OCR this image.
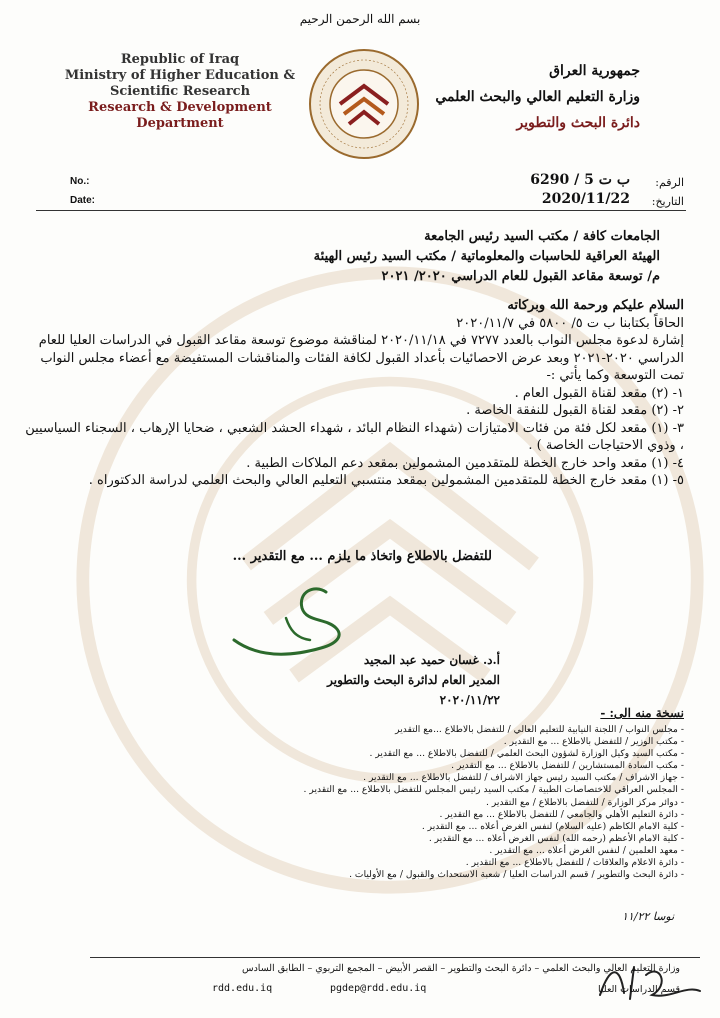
بسم الله الرحمن الرحيم
Republic of Iraq
Ministry of Higher Education &
Scientific Research
Research & Development
Department
جمهورية العراق
وزارة التعليم العالي والبحث العلمي
دائرة البحث والتطوير
No.:
Date:
الرقم:
ب ت 5 / 6290
التاريخ:
2020/11/22
الجامعات كافة / مكتب السيد رئيس الجامعة
الهيئة العراقية للحاسبات والمعلوماتية / مكتب السيد رئيس الهيئة
م/ توسعة مقاعد القبول للعام الدراسي ٢٠٢٠/ ٢٠٢١
السلام عليكم ورحمة الله وبركاته
الحاقاً بكتابنا ب ت ٥/ ٥٨٠٠ في ٢٠٢٠/١١/٧
إشارة لدعوة مجلس النواب بالعدد ٧٢٧٧ في ٢٠٢٠/١١/١٨ لمناقشة موضوع توسعة مقاعد القبول في الدراسات العليا للعام الدراسي ٢٠٢٠-٢٠٢١ وبعد عرض الاحصائيات بأعداد القبول لكافة الفئات والمناقشات المستفيضة مع أعضاء مجلس النواب تمت التوسعة وكما يأتي :-
١- (٢) مقعد لقناة القبول العام .
٢- (٢) مقعد لقناة القبول للنفقة الخاصة .
٣- (١) مقعد لكل فئة من فئات الامتيازات (شهداء النظام البائد ، شهداء الحشد الشعبي ، ضحايا الإرهاب ، السجناء السياسيين ، وذوي الاحتياجات الخاصة ) .
٤- (١) مقعد واحد خارج الخطة للمتقدمين المشمولين بمقعد دعم الملاكات الطبية .
٥- (١) مقعد خارج الخطة للمتقدمين المشمولين بمقعد منتسبي التعليم العالي والبحث العلمي لدراسة الدكتوراه .
للتفضل بالاطلاع واتخاذ ما يلزم ... مع التقدير ...
أ.د. غسان حميد عبد المجيد
المدير العام لدائرة البحث والتطوير
٢٠٢٠/١١/٢٢
نسخة منه الى: -
- مجلس النواب / اللجنة النيابية للتعليم العالي / للتفضل بالاطلاع ...مع التقدير
- مكتب الوزير / للتفضل بالاطلاع ... مع التقدير .
- مكتب السيد وكيل الوزارة لشؤون البحث العلمي / للتفضل بالاطلاع ... مع التقدير .
- مكتب السادة المستشارين / للتفضل بالاطلاع ... مع التقدير .
- جهاز الاشراف / مكتب السيد رئيس جهاز الاشراف / للتفضل بالاطلاع ... مع التقدير .
- المجلس العراقي للاختصاصات الطبية / مكتب السيد رئيس المجلس للتفضل بالاطلاع ... مع التقدير .
- دوائر مركز الوزارة / للتفضل بالاطلاع / مع التقدير .
- دائرة التعليم الأهلي والجامعي / للتفضل بالاطلاع ... مع التقدير .
- كلية الامام الكاظم (عليه السلام) لنفس الغرض أعلاه ... مع التقدير .
- كلية الامام الأعظم (رحمه الله) لنفس الغرض أعلاه ... مع التقدير .
- معهد العلمين / لنفس الغرض أعلاه ... مع التقدير .
- دائرة الاعلام والعلاقات / للتفضل بالاطلاع ... مع التقدير .
- دائرة البحث والتطوير / قسم الدراسات العليا / شعبة الاستحداث والقبول / مع الأوليات .
نوسا ١١/٢٢
وزارة التعليم العالي والبحث العلمي – دائرة البحث والتطوير – القصر الأبيض – المجمع التربوي – الطابق السادس
قسم الدراسات العليا
pgdep@rdd.edu.iq
rdd.edu.iq
